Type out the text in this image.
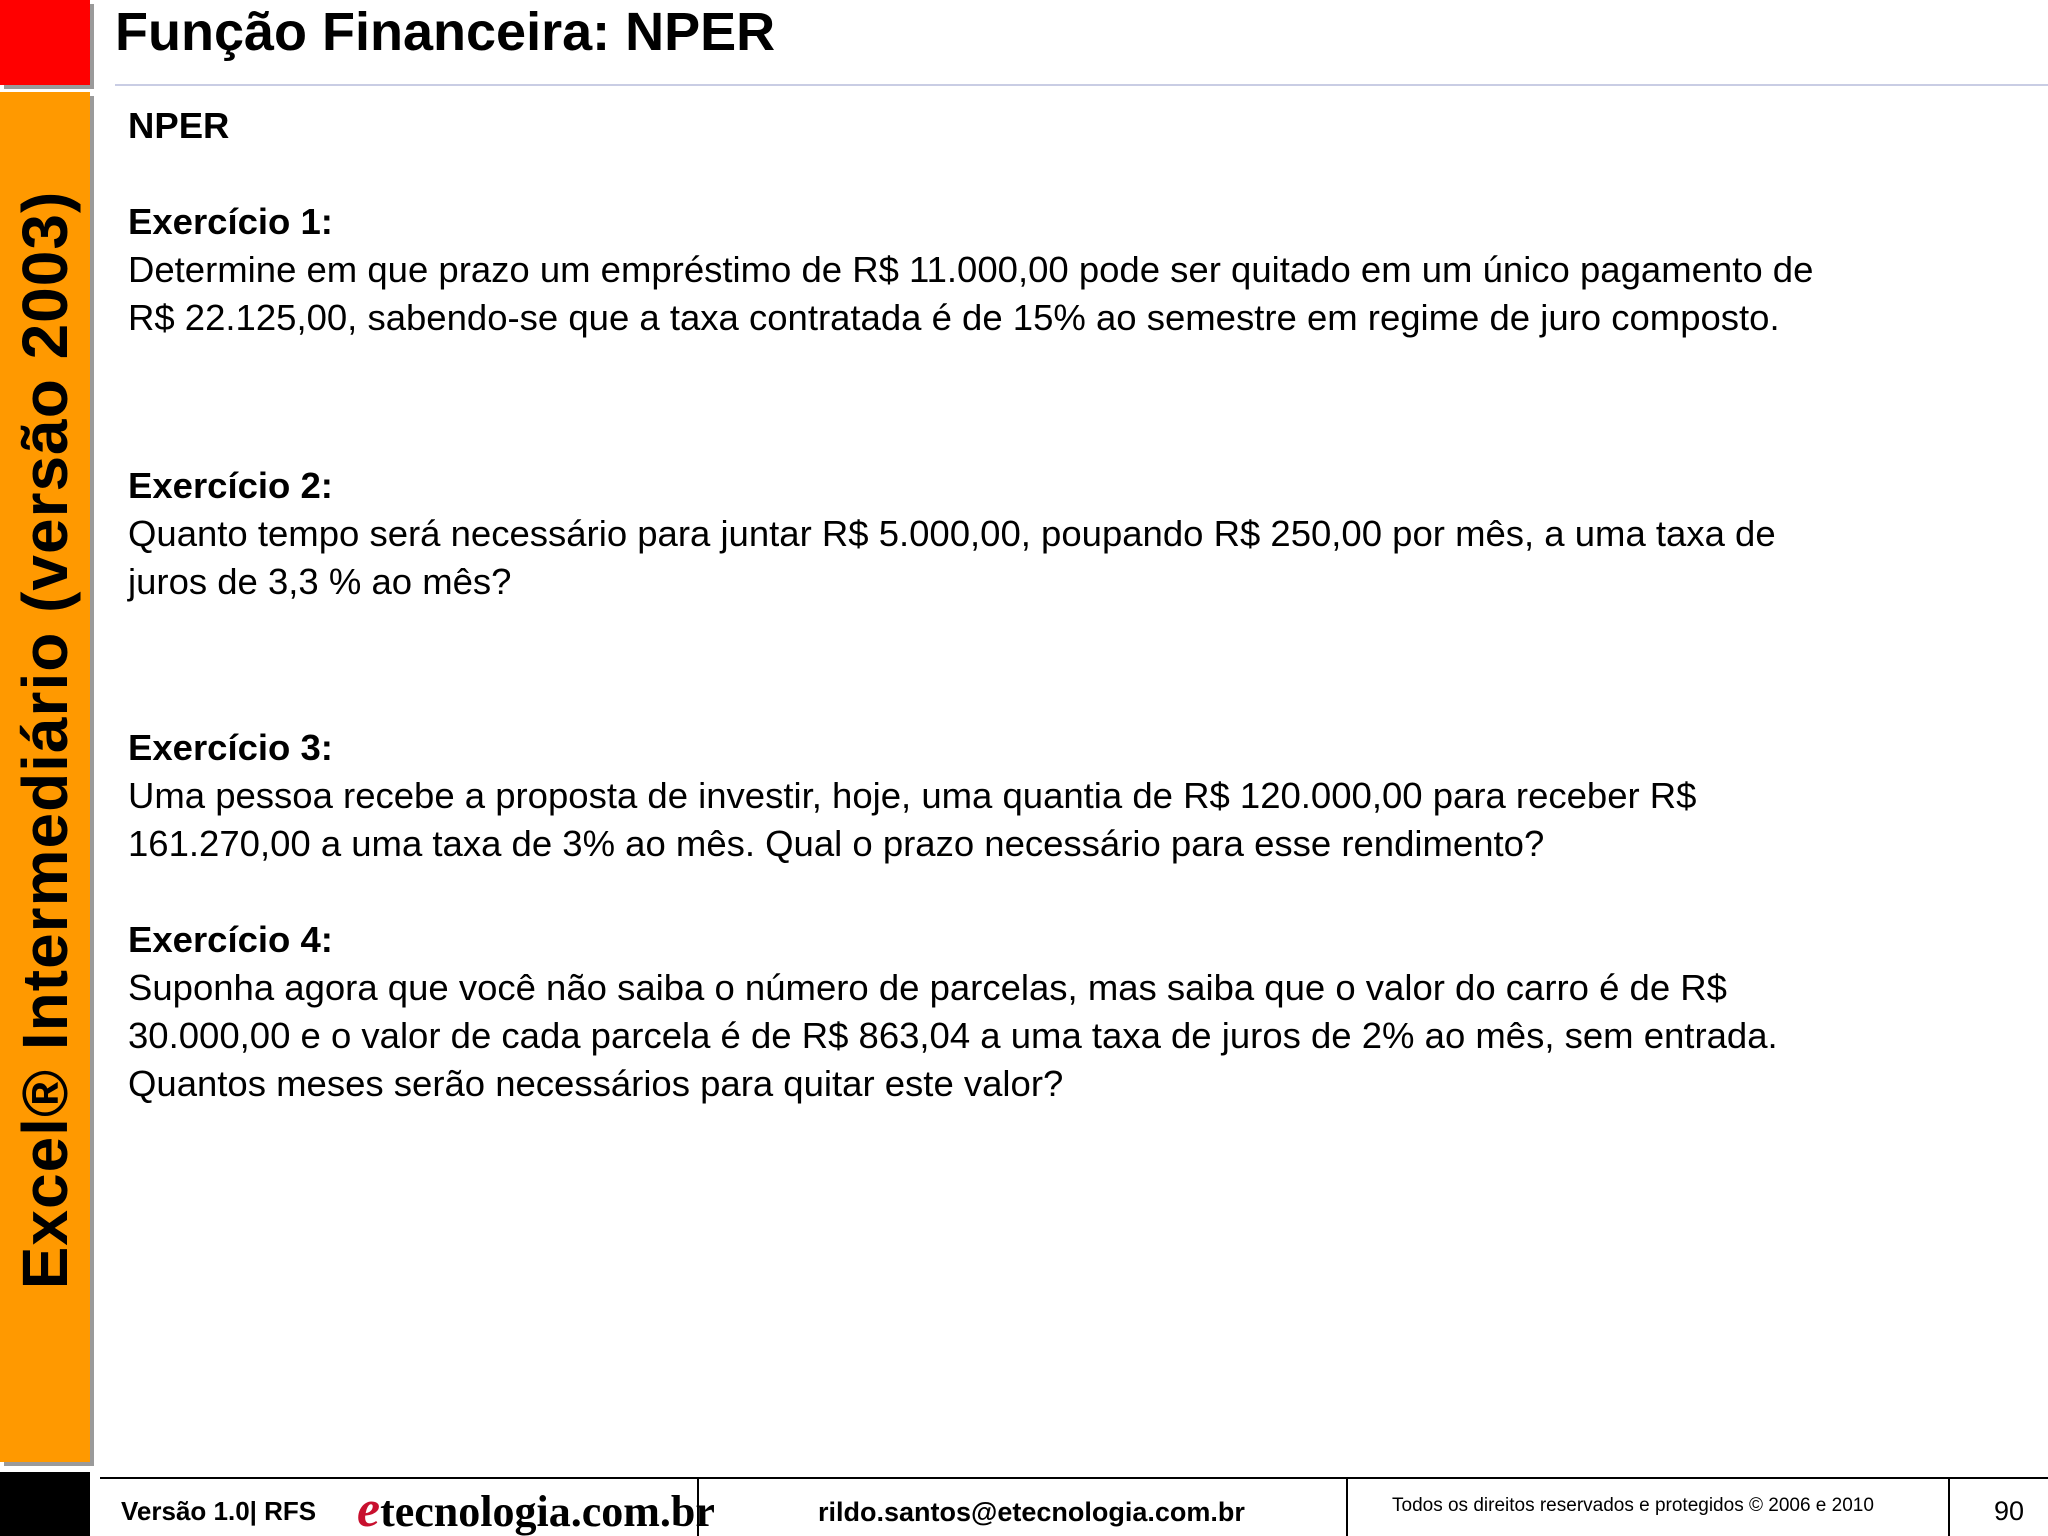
Excel® Intermediário (versão 2003)
Função Financeira: NPER

NPER

Exercício 1:

Determine em que prazo um empréstimo de R$ 11.000,00 pode ser quitado em um único pagamento de

R$ 22.125,00, sabendo-se que a taxa contratada é de 15% ao semestre em regime de juro composto.

Exercício 2:

Quanto tempo será necessário para juntar R$ 5.000,00, poupando R$ 250,00 por mês, a uma taxa de

juros de 3,3 % ao mês?

Exercício 3:

Uma pessoa recebe a proposta de investir, hoje, uma quantia de R$ 120.000,00 para receber R$

161.270,00 a uma taxa de 3% ao mês. Qual o prazo necessário para esse rendimento?

Exercício 4:

Suponha agora que você não saiba o número de parcelas, mas saiba que o valor do carro é de R$

30.000,00 e o valor de cada parcela é de R$ 863,04 a uma taxa de juros de 2% ao mês, sem entrada.

Quantos meses serão necessários para quitar este valor?

Versão 1.0| RFS etecnologia.com.br	rildo.santos@etecnologia.com.br	Todos os direitos reservados e protegidos © 2006 e 2010	90
